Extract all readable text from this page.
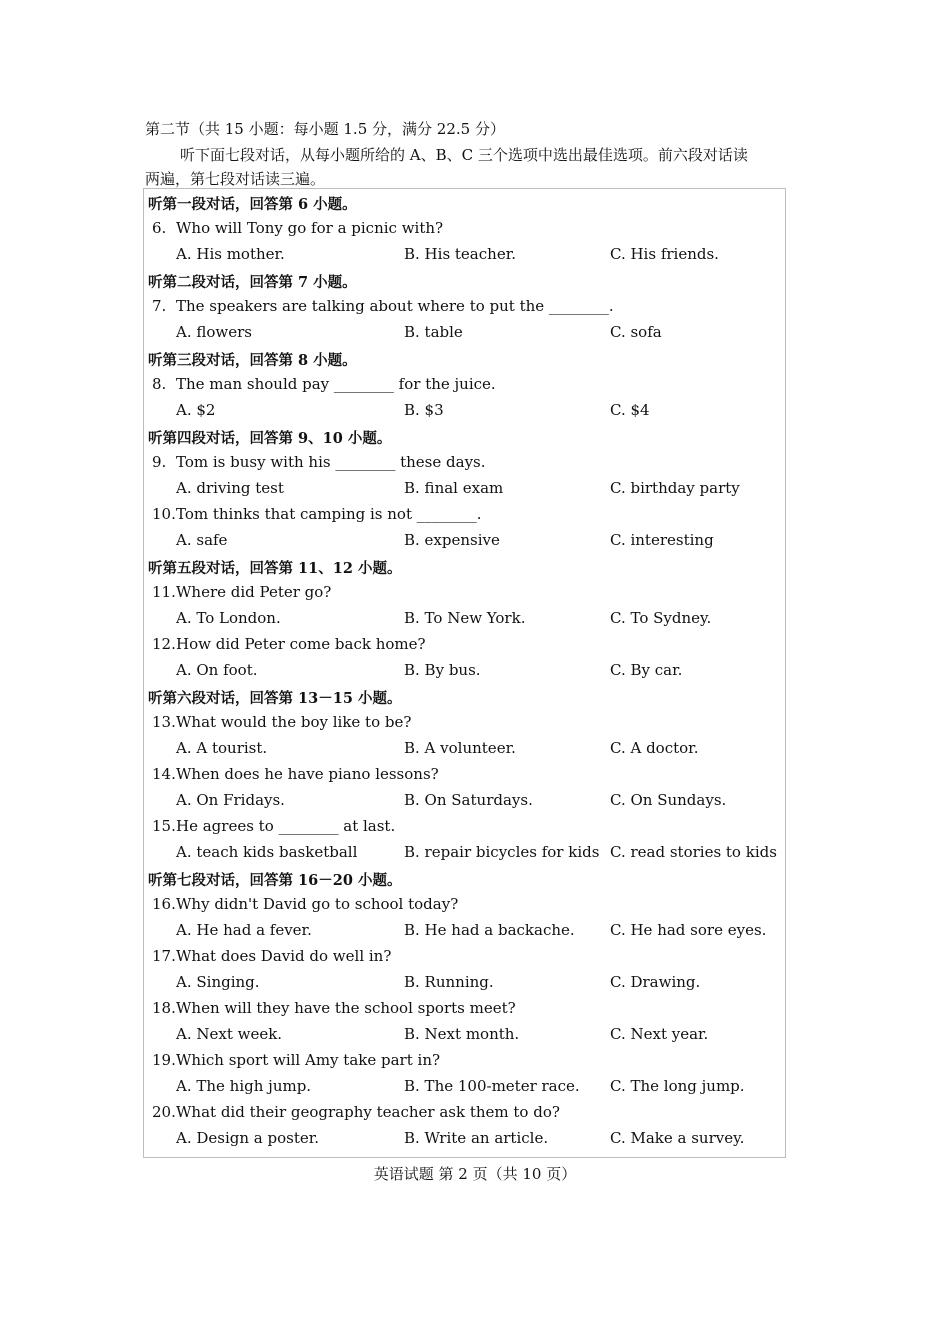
第二节（共 15 小题：每小题 1.5 分，满分 22.5 分）
听下面七段对话，从每小题所给的 A、B、C 三个选项中选出最佳选项。前六段对话读
两遍，第七段对话读三遍。
听第一段对话，回答第 6 小题。
6. Who will Tony go for a picnic with?
A. His mother.	B. His teacher.	C. His friends.
听第二段对话，回答第 7 小题。
7. The speakers are talking about where to put the ________.
A. flowers	B. table	C. sofa
听第三段对话，回答第 8 小题。
8. The man should pay ________ for the juice.
A. $2	B. $3	C. $4
听第四段对话，回答第 9、10 小题。
9. Tom is busy with his ________ these days.
A. driving test	B. final exam	C. birthday party
10. Tom thinks that camping is not ________.
A. safe	B. expensive	C. interesting
听第五段对话，回答第 11、12 小题。
11. Where did Peter go?
A. To London.	B. To New York.	C. To Sydney.
12. How did Peter come back home?
A. On foot.	B. By bus.	C. By car.
听第六段对话，回答第 13－15 小题。
13. What would the boy like to be?
A. A tourist.	B. A volunteer.	C. A doctor.
14. When does he have piano lessons?
A. On Fridays.	B. On Saturdays.	C. On Sundays.
15. He agrees to ________ at last.
A. teach kids basketball	B. repair bicycles for kids C. read stories to kids
听第七段对话，回答第 16－20 小题。
16. Why didn't David go to school today?
A. He had a fever.	B. He had a backache. C. He had sore eyes.
17. What does David do well in?
A. Singing.	B. Running.	C. Drawing.
18. When will they have the school sports meet?
A. Next week.	B. Next month.	C. Next year.
19. Which sport will Amy take part in?
A. The high jump.	B. The 100-meter race. C. The long jump.
20. What did their geography teacher ask them to do?
A. Design a poster.	B. Write an article.	C. Make a survey.
英语试题 第 2 页（共 10 页）
